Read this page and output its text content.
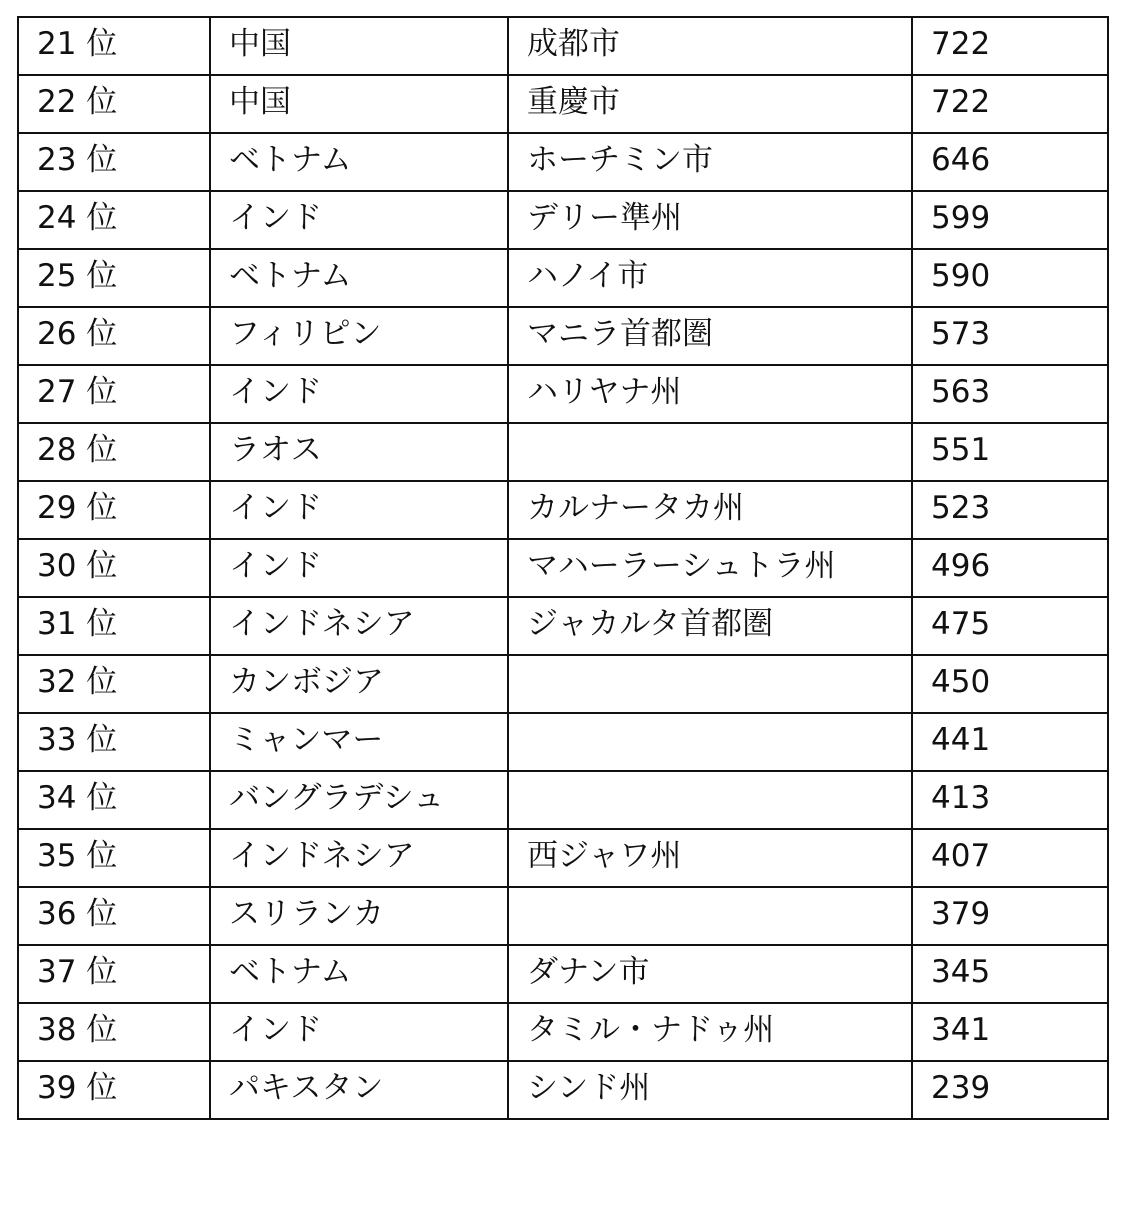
21 位	中国	成都市	722
22 位	中国	重慶市	722
23 位	ベトナム	ホーチミン市	646
24 位	インド	デリー準州	599
25 位	ベトナム	ハノイ市	590
26 位	フィリピン	マニラ首都圏	573
27 位	インド	ハリヤナ州	563
28 位	ラオス		551
29 位	インド	カルナータカ州	523
30 位	インド	マハーラーシュトラ州	496
31 位	インドネシア	ジャカルタ首都圏	475
32 位	カンボジア		450
33 位	ミャンマー		441
34 位	バングラデシュ		413
35 位	インドネシア	西ジャワ州	407
36 位	スリランカ		379
37 位	ベトナム	ダナン市	345
38 位	インド	タミル・ナドゥ州	341
39 位	パキスタン	シンド州	239
